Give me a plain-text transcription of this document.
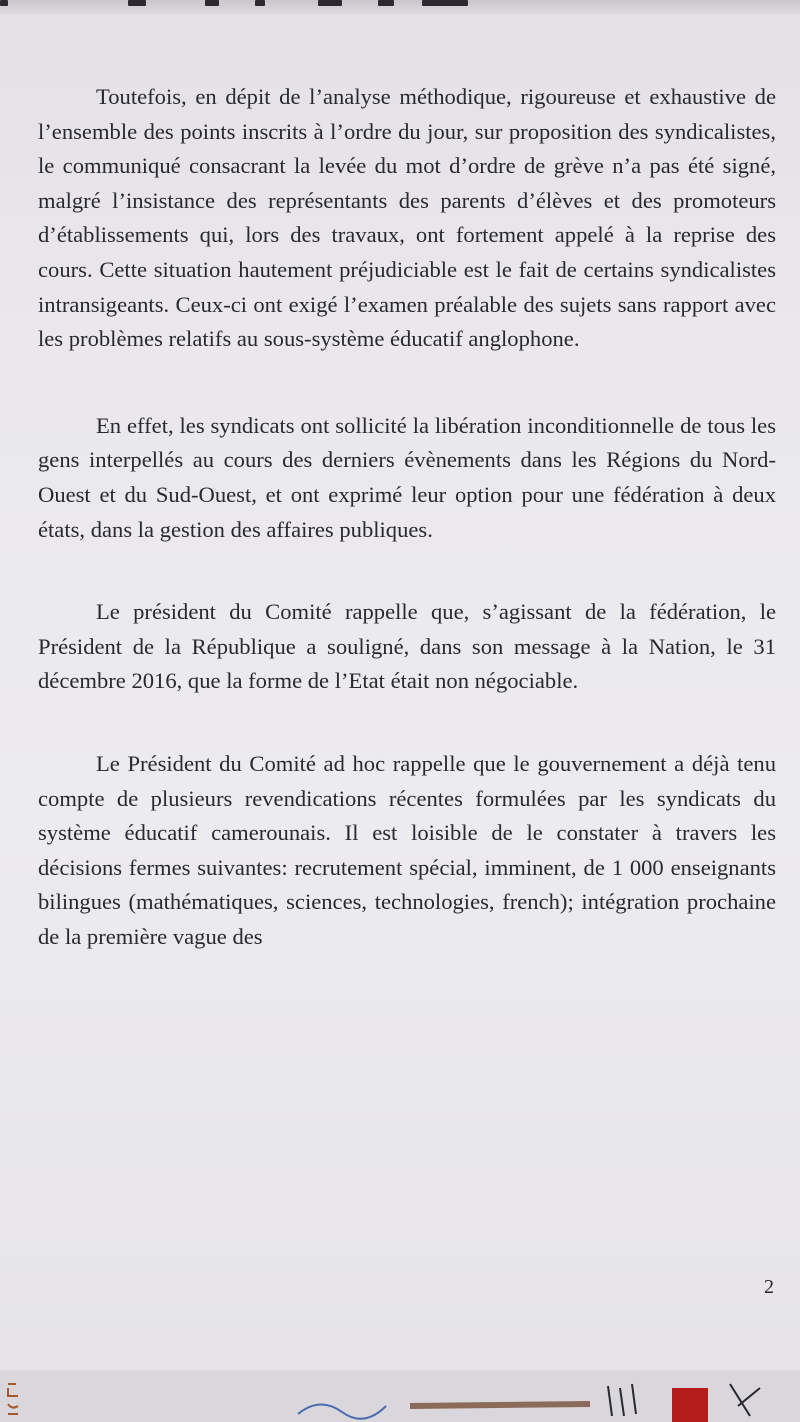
Toutefois, en dépit de l’analyse méthodique, rigoureuse et exhaustive de l’ensemble des points inscrits à l’ordre du jour, sur proposition des syndicalistes, le communiqué consacrant la levée du mot d’ordre de grève n’a pas été signé, malgré l’insistance des représentants des parents d’élèves et des promoteurs d’établissements qui, lors des travaux, ont fortement appelé à la reprise des cours. Cette situation hautement préjudiciable est le fait de certains syndicalistes intransigeants. Ceux-ci ont exigé l’examen préalable des sujets sans rapport avec les problèmes relatifs au sous-système éducatif anglophone.

En effet, les syndicats ont sollicité la libération inconditionnelle de tous les gens interpellés au cours des derniers évènements dans les Régions du Nord-Ouest et du Sud-Ouest, et ont exprimé leur option pour une fédération à deux états, dans la gestion des affaires publiques.

Le président du Comité rappelle que, s’agissant de la fédération, le Président de la République a souligné, dans son message à la Nation, le 31 décembre 2016, que la forme de l’Etat était non négociable.

Le Président du Comité ad hoc rappelle que le gouvernement a déjà tenu compte de plusieurs revendications récentes formulées par les syndicats du système éducatif camerounais. Il est loisible de le constater à travers les décisions fermes suivantes: recrutement spécial, imminent, de 1 000 enseignants bilingues (mathématiques, sciences, technologies, french); intégration prochaine de la première vague des

2
